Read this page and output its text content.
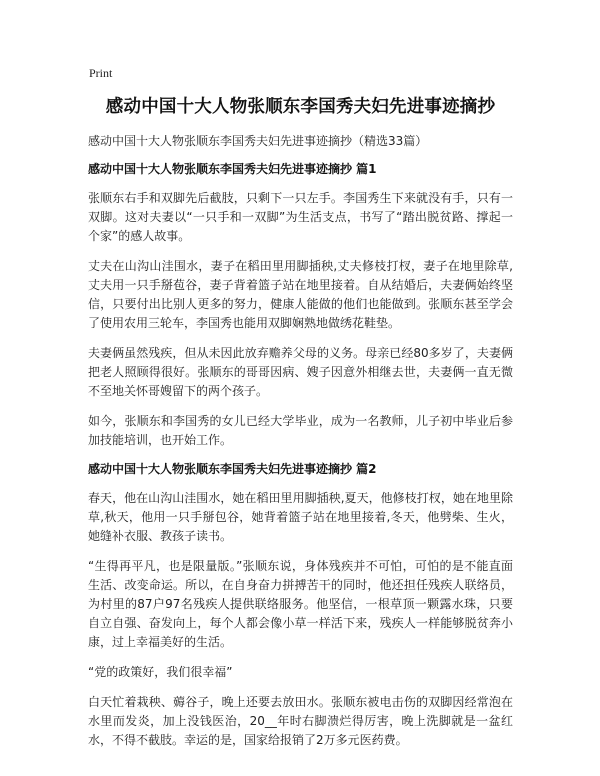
Print
感动中国十大人物张顺东李国秀夫妇先进事迹摘抄
感动中国十大人物张顺东李国秀夫妇先进事迹摘抄（精选33篇）
感动中国十大人物张顺东李国秀夫妇先进事迹摘抄 篇1

张顺东右手和双脚先后截肢，只剩下一只左手。李国秀生下来就没有手，只有一双脚。这对夫妻以“一只手和一双脚”为生活支点，书写了“踏出脱贫路、撑起一个家”的感人故事。

丈夫在山沟山洼围水，妻子在稻田里用脚插秧,丈夫修枝打杈，妻子在地里除草,丈夫用一只手掰苞谷，妻子背着篮子站在地里接着。自从结婚后，夫妻俩始终坚信，只要付出比别人更多的努力，健康人能做的他们也能做到。张顺东甚至学会了使用农用三轮车，李国秀也能用双脚娴熟地做绣花鞋垫。

夫妻俩虽然残疾，但从未因此放弃赡养父母的义务。母亲已经80多岁了，夫妻俩把老人照顾得很好。张顺东的哥哥因病、嫂子因意外相继去世，夫妻俩一直无微不至地关怀哥嫂留下的两个孩子。

如今，张顺东和李国秀的女儿已经大学毕业，成为一名教师，儿子初中毕业后参加技能培训，也开始工作。

感动中国十大人物张顺东李国秀夫妇先进事迹摘抄 篇2

春天，他在山沟山洼围水，她在稻田里用脚插秧,夏天，他修枝打杈，她在地里除草,秋天，他用一只手掰包谷，她背着篮子站在地里接着,冬天，他劈柴、生火，她缝补衣服、教孩子读书。

“生得再平凡，也是限量版。”张顺东说，身体残疾并不可怕，可怕的是不能直面生活、改变命运。所以，在自身奋力拼搏苦干的同时，他还担任残疾人联络员，为村里的87户97名残疾人提供联络服务。他坚信，一根草顶一颗露水珠，只要自立自强、奋发向上，每个人都会像小草一样活下来，残疾人一样能够脱贫奔小康，过上幸福美好的生活。

“党的政策好，我们很幸福”

白天忙着栽秧、薅谷子，晚上还要去放田水。张顺东被电击伤的双脚因经常泡在水里而发炎，加上没钱医治，20__年时右脚溃烂得厉害，晚上洗脚就是一盆红水，不得不截肢。幸运的是，国家给报销了2万多元医药费。
